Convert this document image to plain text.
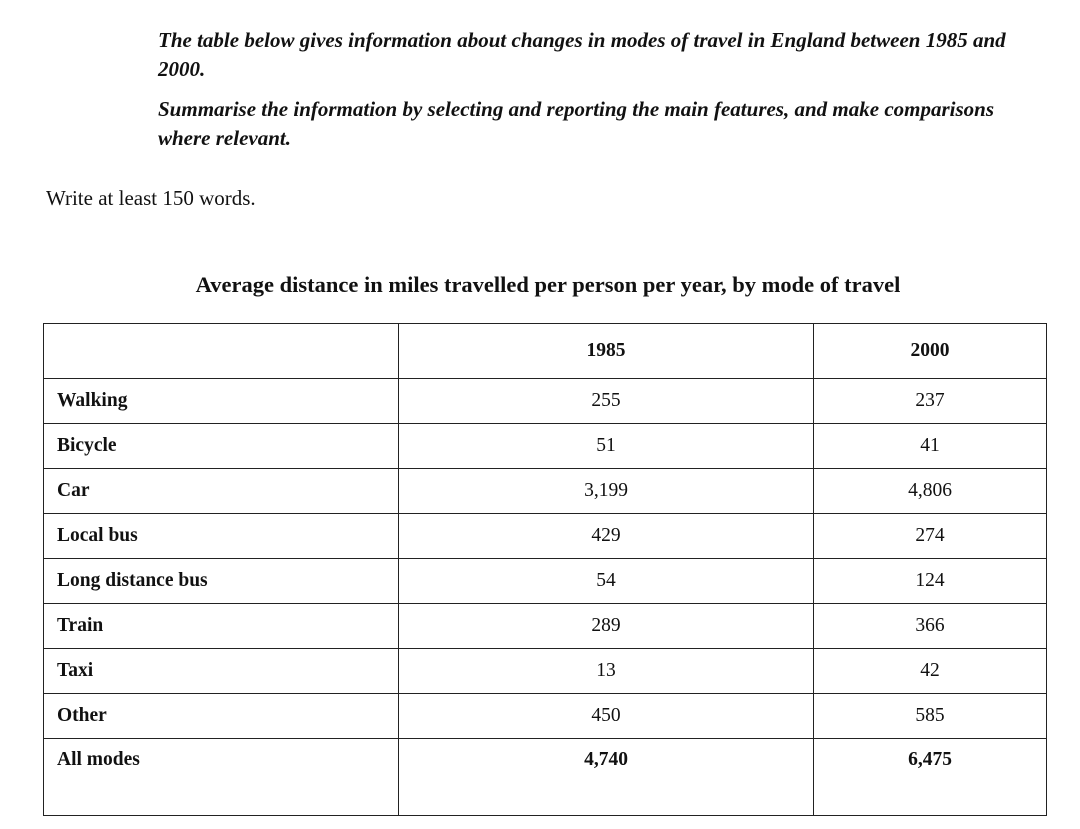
The table below gives information about changes in modes of travel in England between 1985 and 2000.

Summarise the information by selecting and reporting the main features, and make comparisons where relevant.

Write at least 150 words.
Average distance in miles travelled per person per year, by mode of travel
	1985	2000
Walking	255	237
Bicycle	51	41
Car	3,199	4,806
Local bus	429	274
Long distance bus	54	124
Train	289	366
Taxi	13	42
Other	450	585
All modes	4,740	6,475
